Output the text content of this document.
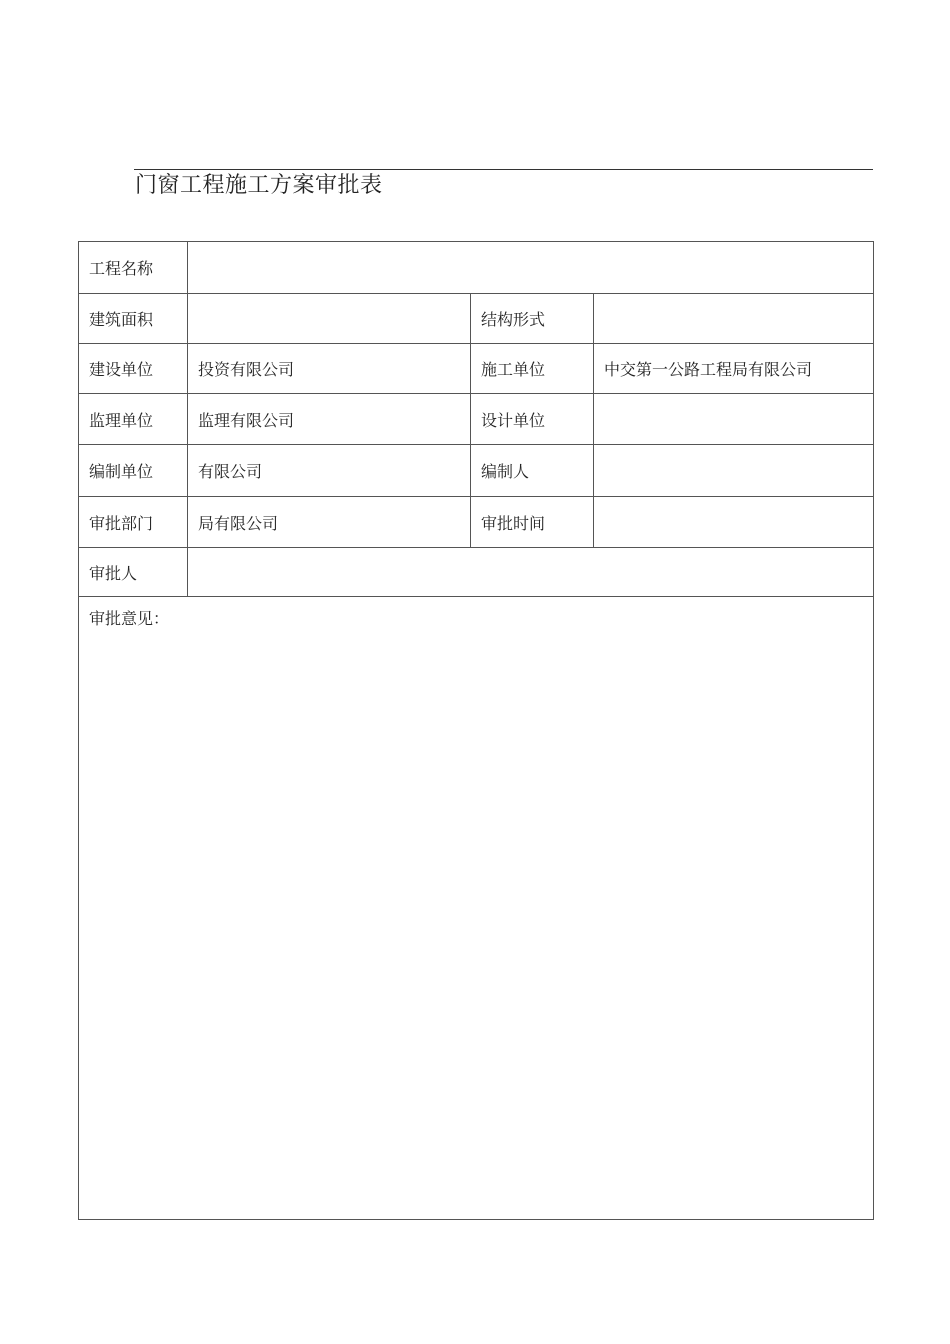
门窗工程施工方案审批表
工程名称			
建筑面积		结构形式	
建设单位	投资有限公司	施工单位	中交第一公路工程局有限公司
监理单位	监理有限公司	设计单位	
编制单位	有限公司	编制人	
审批部门	局有限公司	审批时间	
审批人			

审批意见：			
